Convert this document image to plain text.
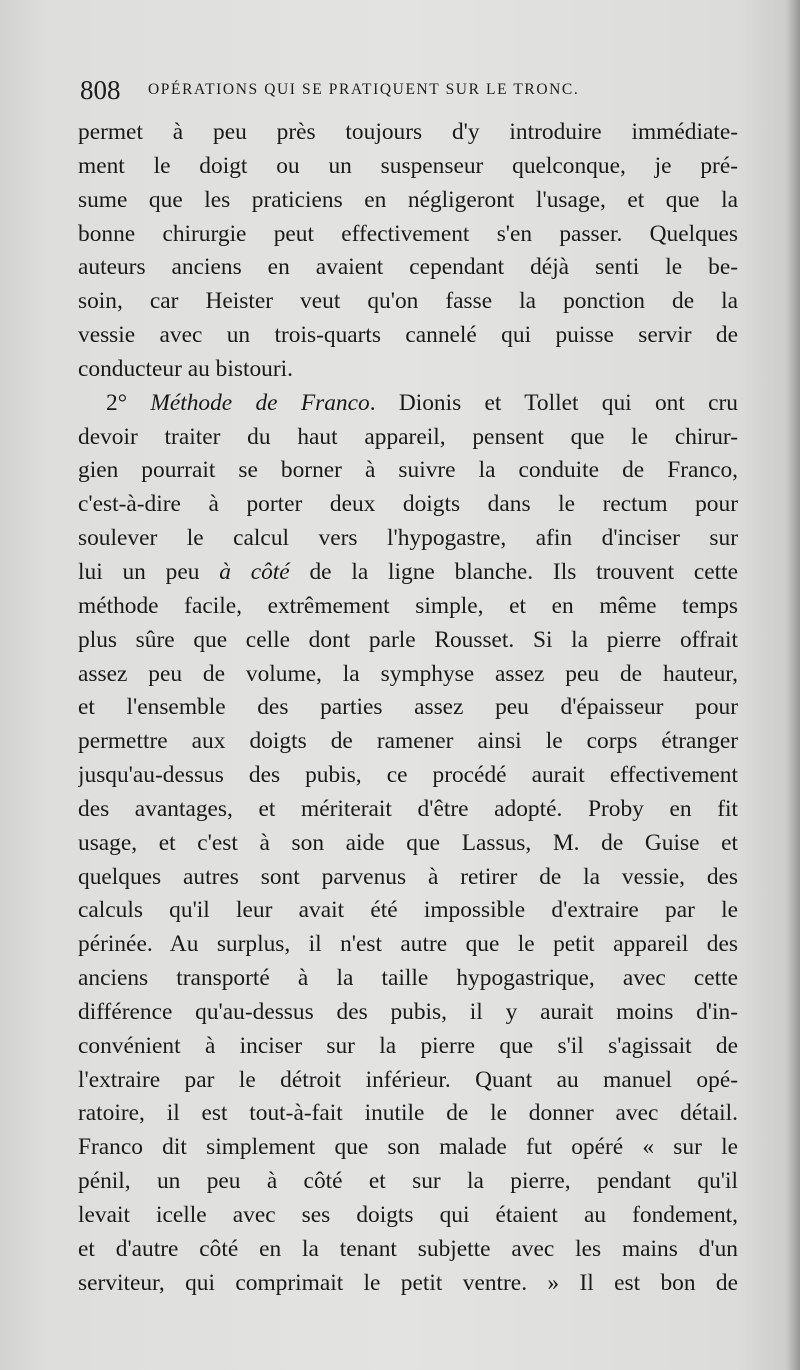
808 OPÉRATIONS QUI SE PRATIQUENT SUR LE TRONC.
permet à peu près toujours d'y introduire immédiate-
ment le doigt ou un suspenseur quelconque, je pré-
sume que les praticiens en négligeront l'usage, et que la
bonne chirurgie peut effectivement s'en passer. Quelques
auteurs anciens en avaient cependant déjà senti le be-
soin, car Heister veut qu'on fasse la ponction de la
vessie avec un trois-quarts cannelé qui puisse servir de
conducteur au bistouri.
2° Méthode de Franco. Dionis et Tollet qui ont cru
devoir traiter du haut appareil, pensent que le chirur-
gien pourrait se borner à suivre la conduite de Franco,
c'est-à-dire à porter deux doigts dans le rectum pour
soulever le calcul vers l'hypogastre, afin d'inciser sur
lui un peu à côté de la ligne blanche. Ils trouvent cette
méthode facile, extrêmement simple, et en même temps
plus sûre que celle dont parle Rousset. Si la pierre offrait
assez peu de volume, la symphyse assez peu de hauteur,
et l'ensemble des parties assez peu d'épaisseur pour
permettre aux doigts de ramener ainsi le corps étranger
jusqu'au-dessus des pubis, ce procédé aurait effectivement
des avantages, et mériterait d'être adopté. Proby en fit
usage, et c'est à son aide que Lassus, M. de Guise et
quelques autres sont parvenus à retirer de la vessie, des
calculs qu'il leur avait été impossible d'extraire par le
périnée. Au surplus, il n'est autre que le petit appareil des
anciens transporté à la taille hypogastrique, avec cette
différence qu'au-dessus des pubis, il y aurait moins d'in-
convénient à inciser sur la pierre que s'il s'agissait de
l'extraire par le détroit inférieur. Quant au manuel opé-
ratoire, il est tout-à-fait inutile de le donner avec détail.
Franco dit simplement que son malade fut opéré « sur le
pénil, un peu à côté et sur la pierre, pendant qu'il
levait icelle avec ses doigts qui étaient au fondement,
et d'autre côté en la tenant subjette avec les mains d'un
serviteur, qui comprimait le petit ventre. » Il est bon de
